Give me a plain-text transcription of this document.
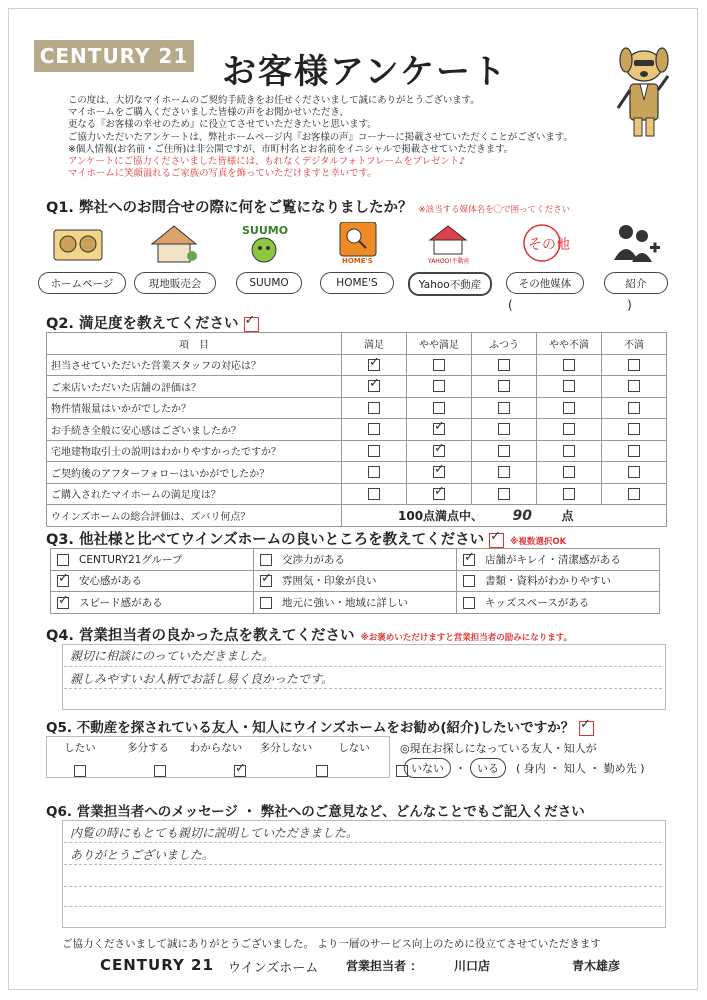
CENTURY 21 お客様アンケート
この度は、大切なマイホームのご契約手続きをお任せくださいまして誠にありがとうございます。
マイホームをご購入くださいました皆様の声をお聞かせいただき、
更なる『お客様の幸せのため』に役立てさせていただきたいと思います。
ご協力いただいたアンケートは、弊社ホームページ内『お客様の声』コーナーに掲載させていただくことがございます。
※個人情報(お名前・ご住所)は非公開ですが、市町村名とお名前をイニシャルで掲載させていただきます。
アンケートにご協力くださいました皆様には、もれなくデジタルフォトフレームをプレゼント♪
マイホームに笑顔溢れるご家族の写真を飾っていただけますと幸いです。
Q1. 弊社へのお問合せの際に何をご覧になりましたか？ ※該当する媒体名を〇で囲ってください
SUUMO
HOME'S	YAHOO!不動産
その他
ホームページ	現地販売会	SUUMO	HOME'S	Yahoo不動産	その他媒体	紹介
(                              )
Q2. 満足度を教えてください ✓
項　目	満足	やや満足	ふつう	やや不満	不満
担当させていただいた営業スタッフの対応は？	✓				
ご来店いただいた店舗の評価は？	✓				
物件情報量はいかがでしたか？					
お手続き全般に安心感はございましたか？		✓			
宅地建物取引士の説明はわかりやすかったですか？		✓			
ご契約後のアフターフォローはいかがでしたか？		✓			
ご購入されたマイホームの満足度は？		✓			
ウインズホームの総合評価は、ズバリ何点？	100点満点中、 90 点				
Q3. 他社様と比べてウインズホームの良いところを教えてください ✓	※複数選択OK
CENTURY21グループ	交渉力がある	✓店舗がキレイ・清潔感がある
✓安心感がある	✓雰囲気・印象が良い	書類・資料がわかりやすい
✓スピード感がある	地元に強い・地域に詳しい	キッズスペースがある
Q4. 営業担当者の良かった点を教えてください ※お褒めいただけますと営業担当者の励みになります。
親切に相談にのっていただきました。
親しみやすいお人柄でお話し易く良かったです。
Q5. 不動産を探されている友人・知人にウインズホームをお勧め(紹介)したいですか？ ✓
したい	多分する わからない
✓ 多分しない しない	◎現在お探しになっている友人・知人が
いない	・	いる	( 身内 ・ 知人 ・ 勤め先 )
Q6. 営業担当者へのメッセージ ・ 弊社へのご意見など、どんなことでもご記入ください
内覧の時にもとても親切に説明していただきました。
ありがとうございました。
ご協力くださいまして誠にありがとうございました。 より一層のサービス向上のために役立てさせていただきます
CENTURY 21 ウインズホーム 営業担当者 ：	川口店	青木雄彦
